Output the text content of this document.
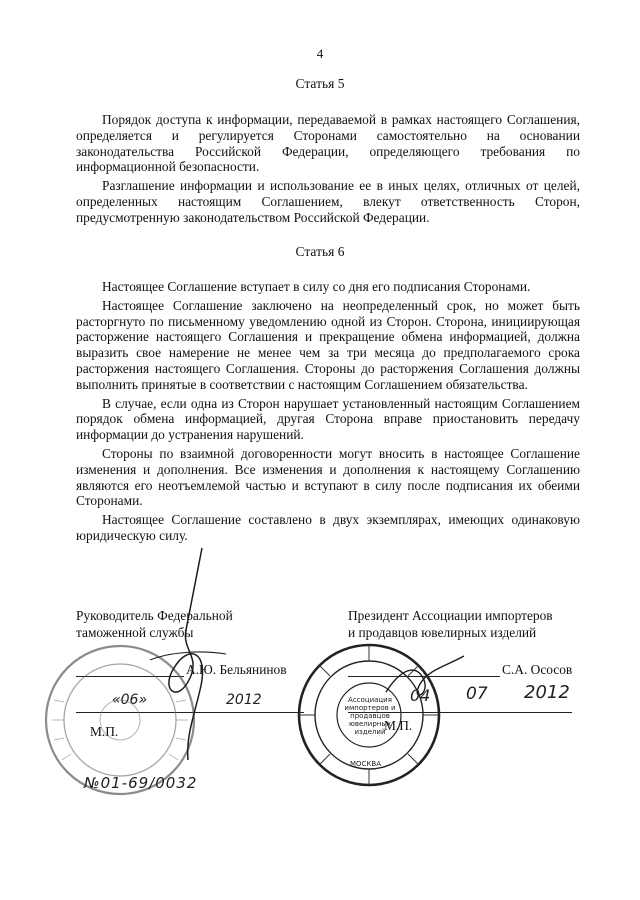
4
Статья 5

Порядок доступа к информации, передаваемой в рамках настоящего Соглашения, определяется и регулируется Сторонами самостоятельно на основании законодательства Российской Федерации, определяющего требования по информационной безопасности.

Разглашение информации и использование ее в иных целях, отличных от целей, определенных настоящим Соглашением, влекут ответственность Сторон, предусмотренную законодательством Российской Федерации.

Статья 6

Настоящее Соглашение вступает в силу со дня его подписания Сторонами.

Настоящее Соглашение заключено на неопределенный срок, но может быть расторгнуто по письменному уведомлению одной из Сторон. Сторона, инициирующая расторжение настоящего Соглашения и прекращение обмена информацией, должна выразить свое намерение не менее чем за три месяца до предполагаемого срока расторжения настоящего Соглашения. Стороны до расторжения Соглашения должны выполнить принятые в соответствии с настоящим Соглашением обязательства.

В случае, если одна из Сторон нарушает установленный настоящим Соглашением порядок обмена информацией, другая Сторона вправе приостановить передачу информации до устранения нарушений.

Стороны по взаимной договоренности могут вносить в настоящее Соглашение изменения и дополнения. Все изменения и дополнения к настоящему Соглашению являются его неотъемлемой частью и вступают в силу после подписания их обеими Сторонами.

Настоящее Соглашение составлено в двух экземплярах, имеющих одинаковую юридическую силу.

Руководитель Федеральной
таможенной службы
А.Ю. Бельянинов
«06»	2012
М.П.
Президент Ассоциации импортеров
и продавцов ювелирных изделий
С.А. Ососов
04 07 2012
М.П.
Ассоциация импортеров и продавцов ювелирных изделий
МОСКВА
№01-69/0032
